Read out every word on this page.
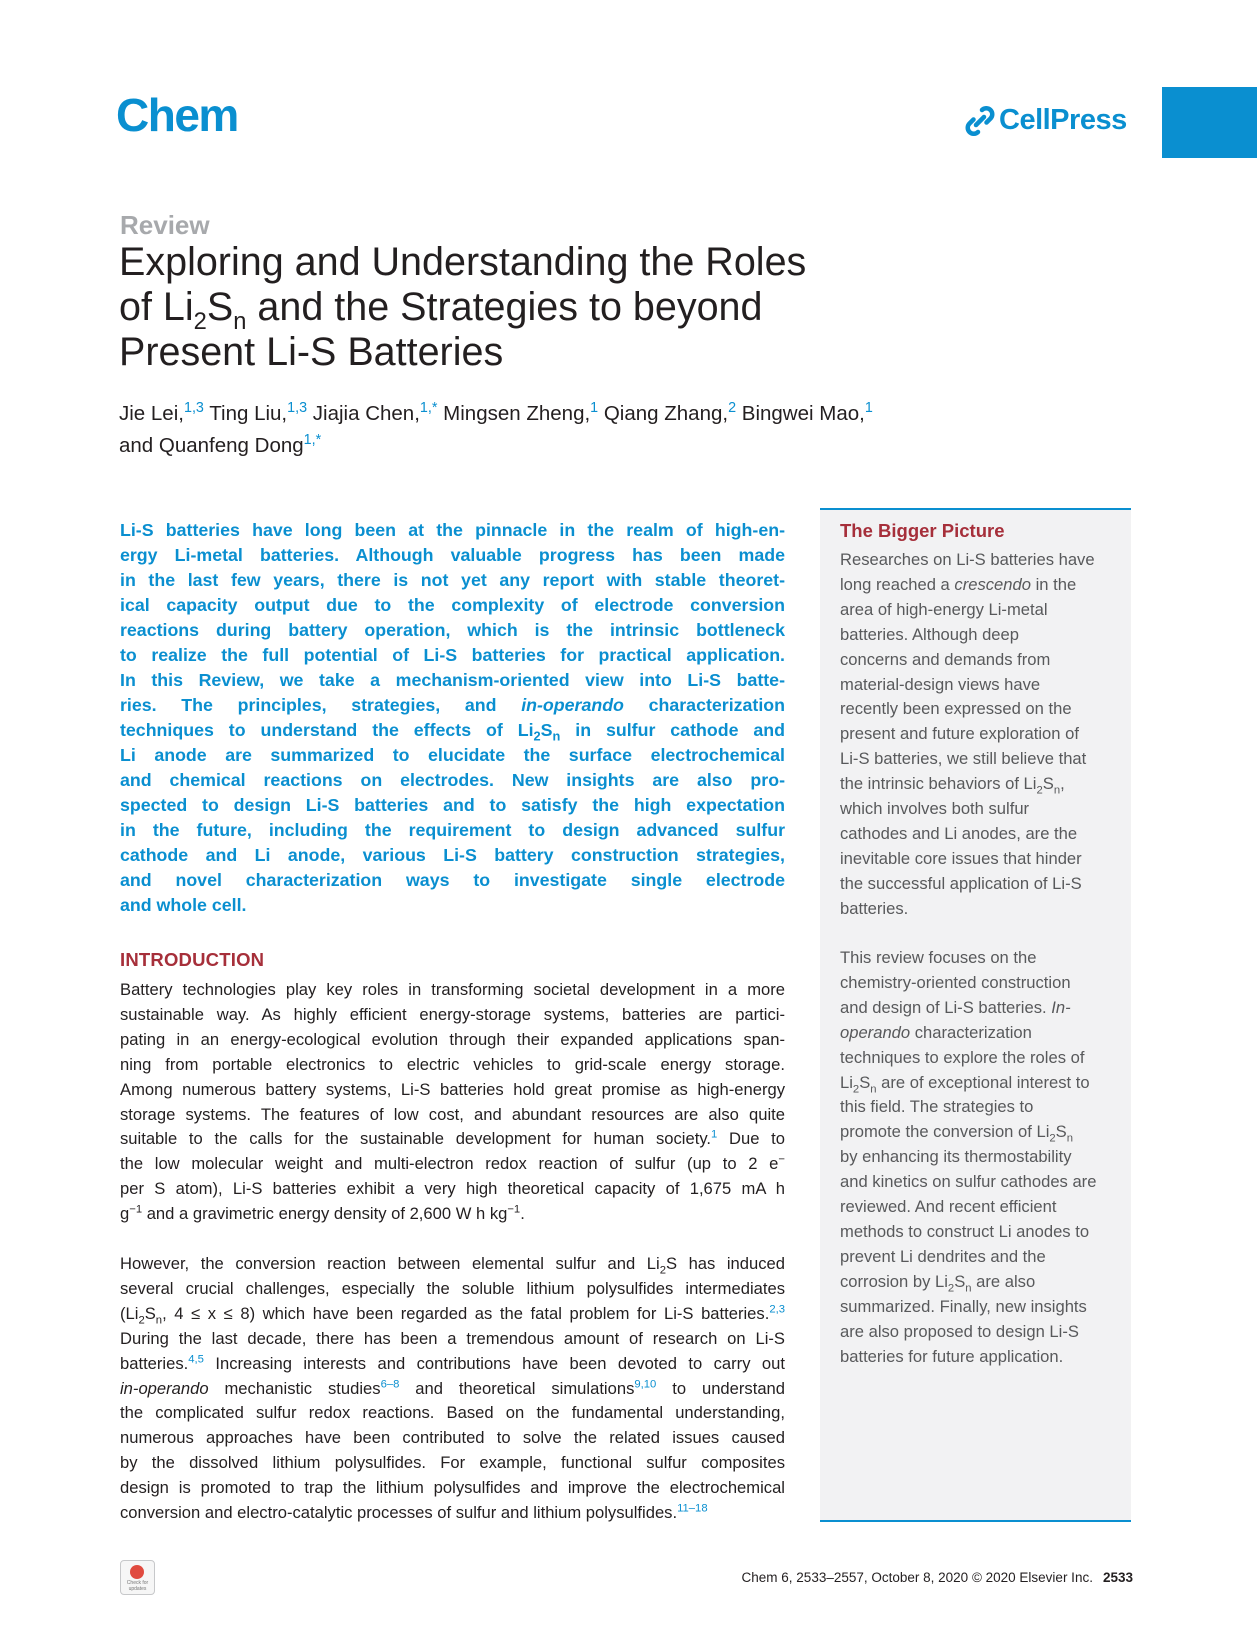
Chem	CellPress
Review
Exploring and Understanding the Roles
of $Li_2S_n$ and the Strategies to beyond
Present Li-S Batteries
Jie Lei,$^{1,3}$ Ting Liu,$^{1,3}$ Jiajia Chen,$^{1,*}$ Mingsen Zheng,$^1$ Qiang Zhang,$^2$ Bingwei Mao,$^1$
and Quanfeng Dong$^{1,*}$
Li-S batteries have long been at the pinnacle in the realm of high-en-
ergy Li-metal batteries. Although valuable progress has been made
in the last few years, there is not yet any report with stable theoret-
ical capacity output due to the complexity of electrode conversion
reactions during battery operation, which is the intrinsic bottleneck
to realize the full potential of Li-S batteries for practical application.
In this Review, we take a mechanism-oriented view into Li-S batte-
ries. The principles, strategies, and in-operando characterization
techniques to understand the effects of $Li_2S_n$ in sulfur cathode and
Li anode are summarized to elucidate the surface electrochemical
and chemical reactions on electrodes. New insights are also pro-
spected to design Li-S batteries and to satisfy the high expectation
in the future, including the requirement to design advanced sulfur
cathode and Li anode, various Li-S battery construction strategies,
and novel characterization ways to investigate single electrode
and whole cell.
INTRODUCTION
Battery technologies play key roles in transforming societal development in a more
sustainable way. As highly efficient energy-storage systems, batteries are partici-
pating in an energy-ecological evolution through their expanded applications span-
ning from portable electronics to electric vehicles to grid-scale energy storage.
Among numerous battery systems, Li-S batteries hold great promise as high-energy
storage systems. The features of low cost, and abundant resources are also quite
suitable to the calls for the sustainable development for human society.$^1$ Due to
the low molecular weight and multi-electron redox reaction of sulfur (up to 2 e−
per S atom), Li-S batteries exhibit a very high theoretical capacity of 1,675 mA h
$g^{-1}$ and a gravimetric energy density of 2,600 W h $kg^{-1}$.
However, the conversion reaction between elemental sulfur and $Li_2S$ has induced
several crucial challenges, especially the soluble lithium polysulfides intermediates
($Li_2S_n$, 4 ≤ x ≤ 8) which have been regarded as the fatal problem for Li-S batteries.$^{2,3}$
During the last decade, there has been a tremendous amount of research on Li-S
batteries.$^{4,5}$ Increasing interests and contributions have been devoted to carry out
in-operando mechanistic studies$^{6-8}$ and theoretical simulations$^{9,10}$ to understand
the complicated sulfur redox reactions. Based on the fundamental understanding,
numerous approaches have been contributed to solve the related issues caused
by the dissolved lithium polysulfides. For example, functional sulfur composites
design is promoted to trap the lithium polysulfides and improve the electrochemical
conversion and electro-catalytic processes of sulfur and lithium polysulfides.$^{11-18}$
The Bigger Picture
Researches on Li-S batteries have
long reached a crescendo in the
area of high-energy Li-metal
batteries. Although deep
concerns and demands from
material-design views have
recently been expressed on the
present and future exploration of
Li-S batteries, we still believe that
the intrinsic behaviors of $Li_2S_n$,
which involves both sulfur
cathodes and Li anodes, are the
inevitable core issues that hinder
the successful application of Li-S
batteries.
This review focuses on the
chemistry-oriented construction
and design of Li-S batteries. In-
operando characterization
techniques to explore the roles of
$Li_2S_n$ are of exceptional interest to
this field. The strategies to
promote the conversion of $Li_2S_n$
by enhancing its thermostability
and kinetics on sulfur cathodes are
reviewed. And recent efficient
methods to construct Li anodes to
prevent Li dendrites and the
corrosion by $Li_2S_n$ are also
summarized. Finally, new insights
are also proposed to design Li-S
batteries for future application.
Check for updates
Chem 6, 2533–2557, October 8, 2020 © 2020 Elsevier Inc. 2533
